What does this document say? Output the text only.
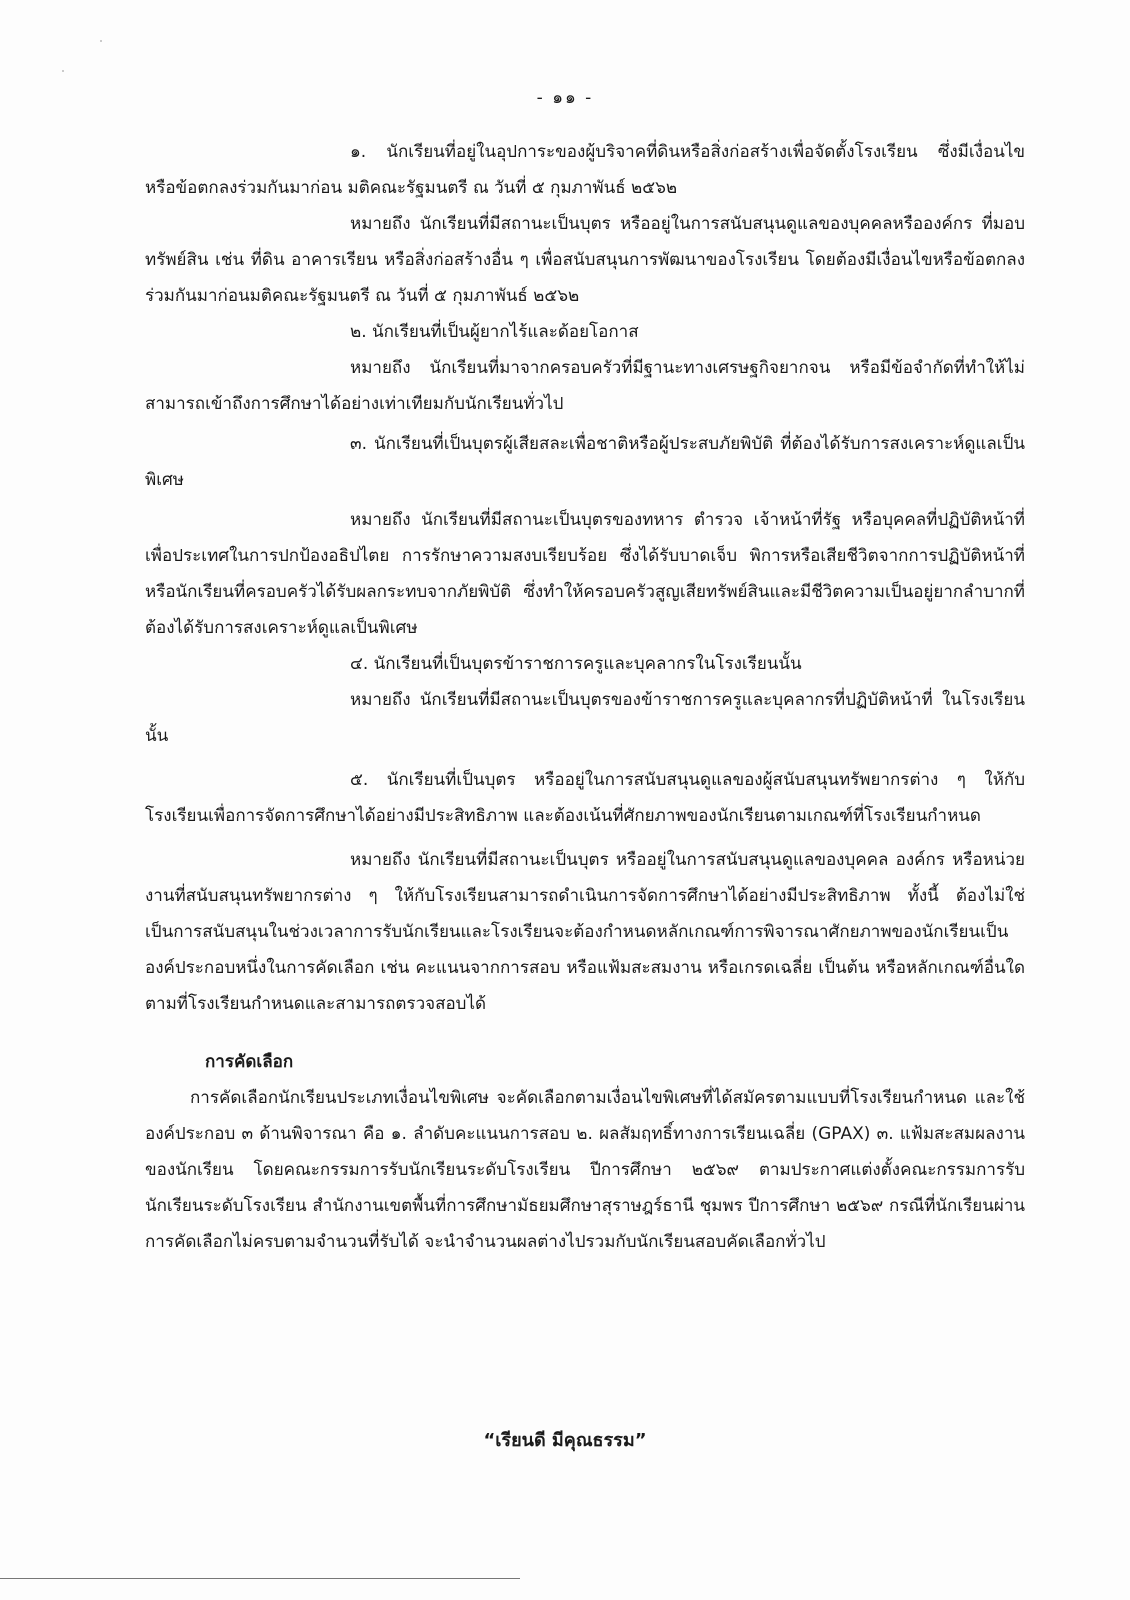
- ๑๑ -

๑. นักเรียนที่อยู่ในอุปการะของผู้บริจาคที่ดินหรือสิ่งก่อสร้างเพื่อจัดตั้งโรงเรียน ซึ่งมีเงื่อนไขหรือข้อตกลงร่วมกันมาก่อน มติคณะรัฐมนตรี ณ วันที่ ๕ กุมภาพันธ์ ๒๕๖๒

หมายถึง นักเรียนที่มีสถานะเป็นบุตร หรืออยู่ในการสนับสนุนดูแลของบุคคลหรือองค์กร ที่มอบทรัพย์สิน เช่น ที่ดิน อาคารเรียน หรือสิ่งก่อสร้างอื่น ๆ เพื่อสนับสนุนการพัฒนาของโรงเรียน โดยต้องมีเงื่อนไขหรือข้อตกลงร่วมกันมาก่อนมติคณะรัฐมนตรี ณ วันที่ ๕ กุมภาพันธ์ ๒๕๖๒

๒. นักเรียนที่เป็นผู้ยากไร้และด้อยโอกาส

หมายถึง นักเรียนที่มาจากครอบครัวที่มีฐานะทางเศรษฐกิจยากจน หรือมีข้อจำกัดที่ทำให้ไม่สามารถเข้าถึงการศึกษาได้อย่างเท่าเทียมกับนักเรียนทั่วไป

๓. นักเรียนที่เป็นบุตรผู้เสียสละเพื่อชาติหรือผู้ประสบภัยพิบัติ ที่ต้องได้รับการสงเคราะห์ดูแลเป็นพิเศษ

หมายถึง นักเรียนที่มีสถานะเป็นบุตรของทหาร ตำรวจ เจ้าหน้าที่รัฐ หรือบุคคลที่ปฏิบัติหน้าที่เพื่อประเทศในการปกป้องอธิปไตย การรักษาความสงบเรียบร้อย ซึ่งได้รับบาดเจ็บ พิการหรือเสียชีวิตจากการปฏิบัติหน้าที่ หรือนักเรียนที่ครอบครัวได้รับผลกระทบจากภัยพิบัติ ซึ่งทำให้ครอบครัวสูญเสียทรัพย์สินและมีชีวิตความเป็นอยู่ยากลำบากที่ต้องได้รับการสงเคราะห์ดูแลเป็นพิเศษ

๔. นักเรียนที่เป็นบุตรข้าราชการครูและบุคลากรในโรงเรียนนั้น

หมายถึง นักเรียนที่มีสถานะเป็นบุตรของข้าราชการครูและบุคลากรที่ปฏิบัติหน้าที่ ในโรงเรียนนั้น

๕. นักเรียนที่เป็นบุตร หรืออยู่ในการสนับสนุนดูแลของผู้สนับสนุนทรัพยากรต่าง ๆ ให้กับโรงเรียนเพื่อการจัดการศึกษาได้อย่างมีประสิทธิภาพ และต้องเน้นที่ศักยภาพของนักเรียนตามเกณฑ์ที่โรงเรียนกำหนด

หมายถึง นักเรียนที่มีสถานะเป็นบุตร หรืออยู่ในการสนับสนุนดูแลของบุคคล องค์กร หรือหน่วยงานที่สนับสนุนทรัพยากรต่าง ๆ ให้กับโรงเรียนสามารถดำเนินการจัดการศึกษาได้อย่างมีประสิทธิภาพ ทั้งนี้ ต้องไม่ใช่เป็นการสนับสนุนในช่วงเวลาการรับนักเรียนและโรงเรียนจะต้องกำหนดหลักเกณฑ์การพิจารณาศักยภาพของนักเรียนเป็นองค์ประกอบหนึ่งในการคัดเลือก เช่น คะแนนจากการสอบ หรือแฟ้มสะสมงาน หรือเกรดเฉลี่ย เป็นต้น หรือหลักเกณฑ์อื่นใดตามที่โรงเรียนกำหนดและสามารถตรวจสอบได้

การคัดเลือก

การคัดเลือกนักเรียนประเภทเงื่อนไขพิเศษ จะคัดเลือกตามเงื่อนไขพิเศษที่ได้สมัครตามแบบที่โรงเรียนกำหนด และใช้องค์ประกอบ ๓ ด้านพิจารณา คือ ๑. ลำดับคะแนนการสอบ ๒. ผลสัมฤทธิ์ทางการเรียนเฉลี่ย (GPAX) ๓. แฟ้มสะสมผลงานของนักเรียน โดยคณะกรรมการรับนักเรียนระดับโรงเรียน ปีการศึกษา ๒๕๖๙ ตามประกาศแต่งตั้งคณะกรรมการรับนักเรียนระดับโรงเรียน สำนักงานเขตพื้นที่การศึกษามัธยมศึกษาสุราษฎร์ธานี ชุมพร ปีการศึกษา ๒๕๖๙ กรณีที่นักเรียนผ่านการคัดเลือกไม่ครบตามจำนวนที่รับได้ จะนำจำนวนผลต่างไปรวมกับนักเรียนสอบคัดเลือกทั่วไป

“เรียนดี มีคุณธรรม”
